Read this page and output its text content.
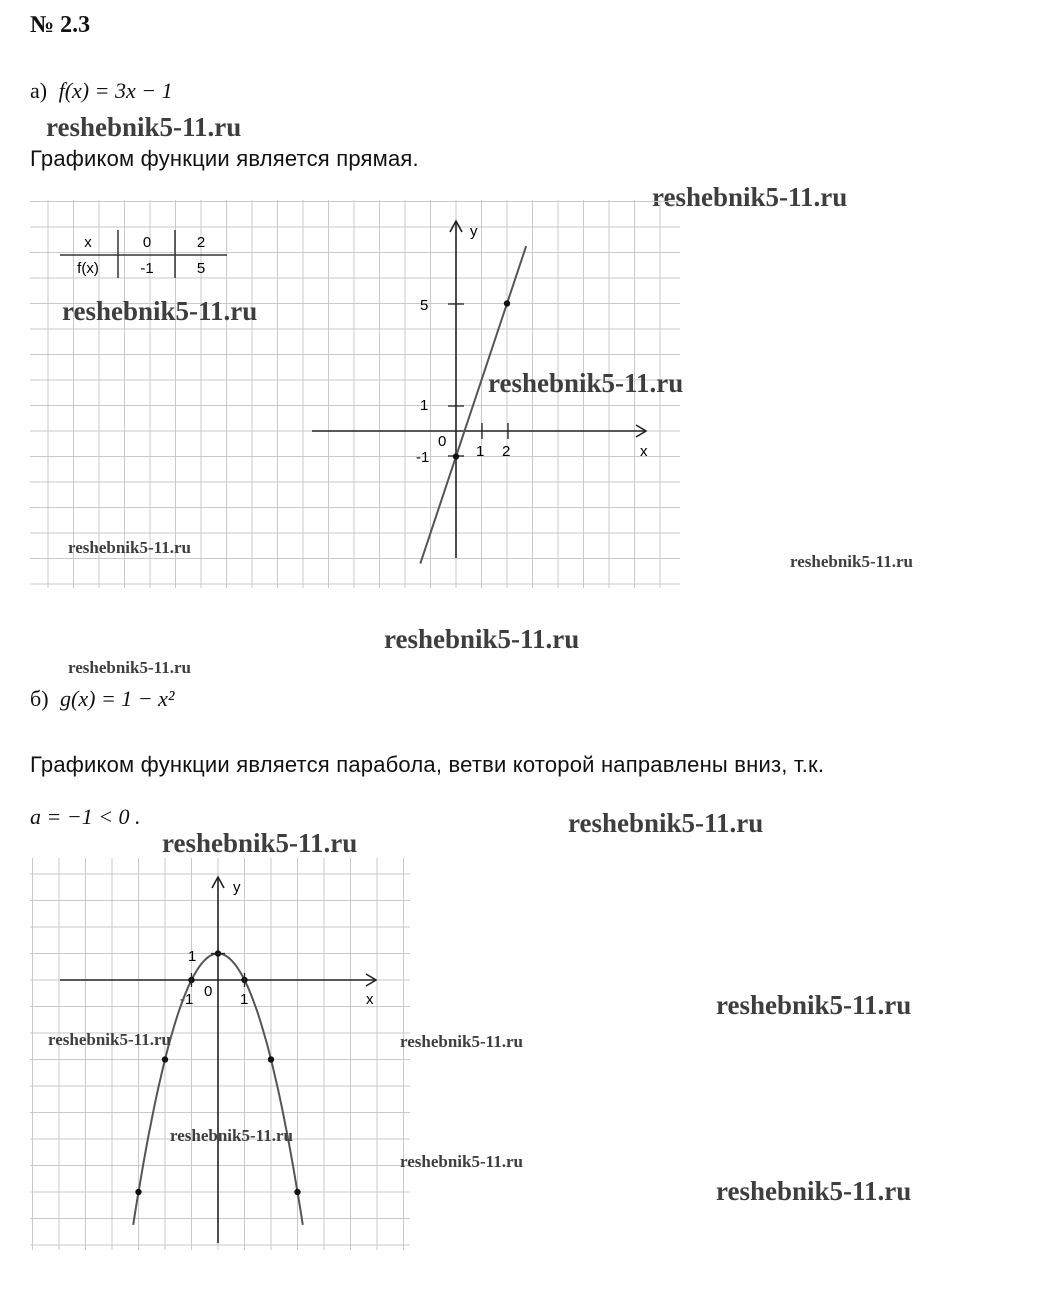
№ 2.3
а) f(x) = 3x − 1
reshebnik5-11.ru
Графиком функции является прямая.
reshebnik5-11.ru
x	0	2
f(x)	-1	5
y
x
5
1
-1
0
1 2
reshebnik5-11.ru
reshebnik5-11.ru
reshebnik5-11.ru
reshebnik5-11.ru
reshebnik5-11.ru
reshebnik5-11.ru
б) g(x) = 1 − x²
Графиком функции является парабола, ветви которой направлены вниз, т.к.
a = −1 < 0 .	reshebnik5-11.ru
reshebnik5-11.ru
y
x
1
0
-1	1	reshebnik5-11.ru
reshebnik5-11.ru	reshebnik5-11.ru
reshebnik5-11.ru
reshebnik5-11.ru
reshebnik5-11.ru
